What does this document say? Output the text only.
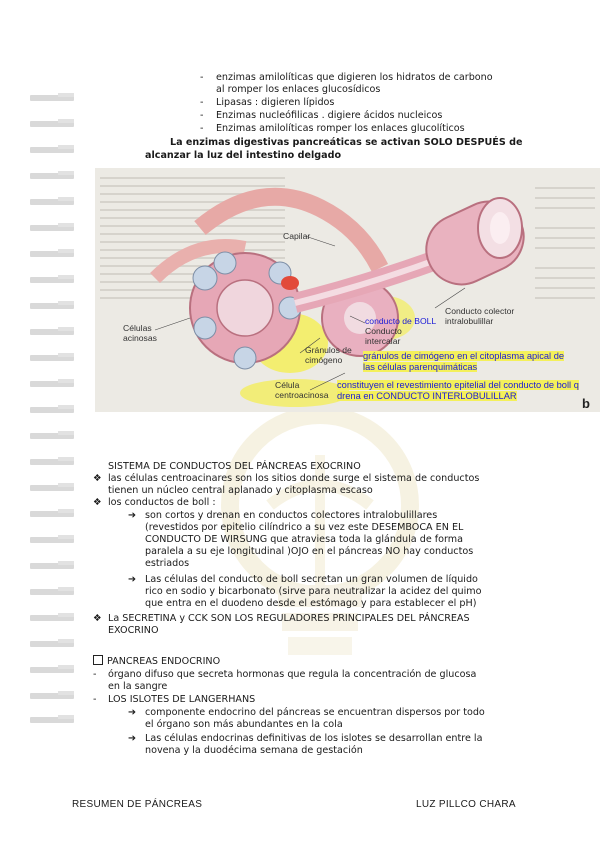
- enzimas amilolíticas que digieren los hidratos de carbono
al romper los enlaces glucosídicos
- Lipasas : digieren lípidos
- Enzimas nucleófilicas . digiere ácidos nucleicos
- Enzimas amilolíticas romper los enlaces glucolíticos
La enzimas digestivas pancreáticas se activan SOLO DESPUÉS de
alcanzar la luz del intestino delgado
b
Capilar
Células acinosas
conducto de BOLL
Conducto intercalar
Conducto colector intralobulillar
Gránulos de cimógeno
Célula centroacinosa
gránulos de cimógeno en el citoplasma apical de
las células parenquimáticas
constituyen el revestimiento epitelial del conducto de boll q
drena en CONDUCTO INTERLOBULILLAR
SISTEMA DE CONDUCTOS DEL PÁNCREAS EXOCRINO
❖ las células centroacinares son los sitios donde surge el sistema de conductos
tienen un núcleo central aplanado y citoplasma escaso
❖ los conductos de boll :
➔ son cortos y drenan en conductos colectores intralobulillares
(revestidos por epitelio cilíndrico a su vez este DESEMBOCA EN EL
CONDUCTO DE WIRSUNG que atraviesa toda la glándula de forma
paralela a su eje longitudinal )OJO en el páncreas NO hay conductos
estriados
➔ Las células del conducto de boll secretan un gran volumen de líquido
rico en sodio y bicarbonato (sirve para neutralizar la acidez del quimo
que entra en el duodeno desde el estómago y para establecer el pH)
❖ La SECRETINA y CCK SON LOS REGULADORES PRINCIPALES DEL PÁNCREAS
EXOCRINO
PANCREAS ENDOCRINO
- órgano difuso que secreta hormonas que regula la concentración de glucosa
en la sangre
- LOS ISLOTES DE LANGERHANS
➔ componente endocrino del páncreas se encuentran dispersos por todo
el órgano son más abundantes en la cola
➔ Las células endocrinas definitivas de los islotes se desarrollan entre la
novena y la duodécima semana de gestación
RESUMEN DE PÁNCREAS	LUZ PILLCO CHARA
